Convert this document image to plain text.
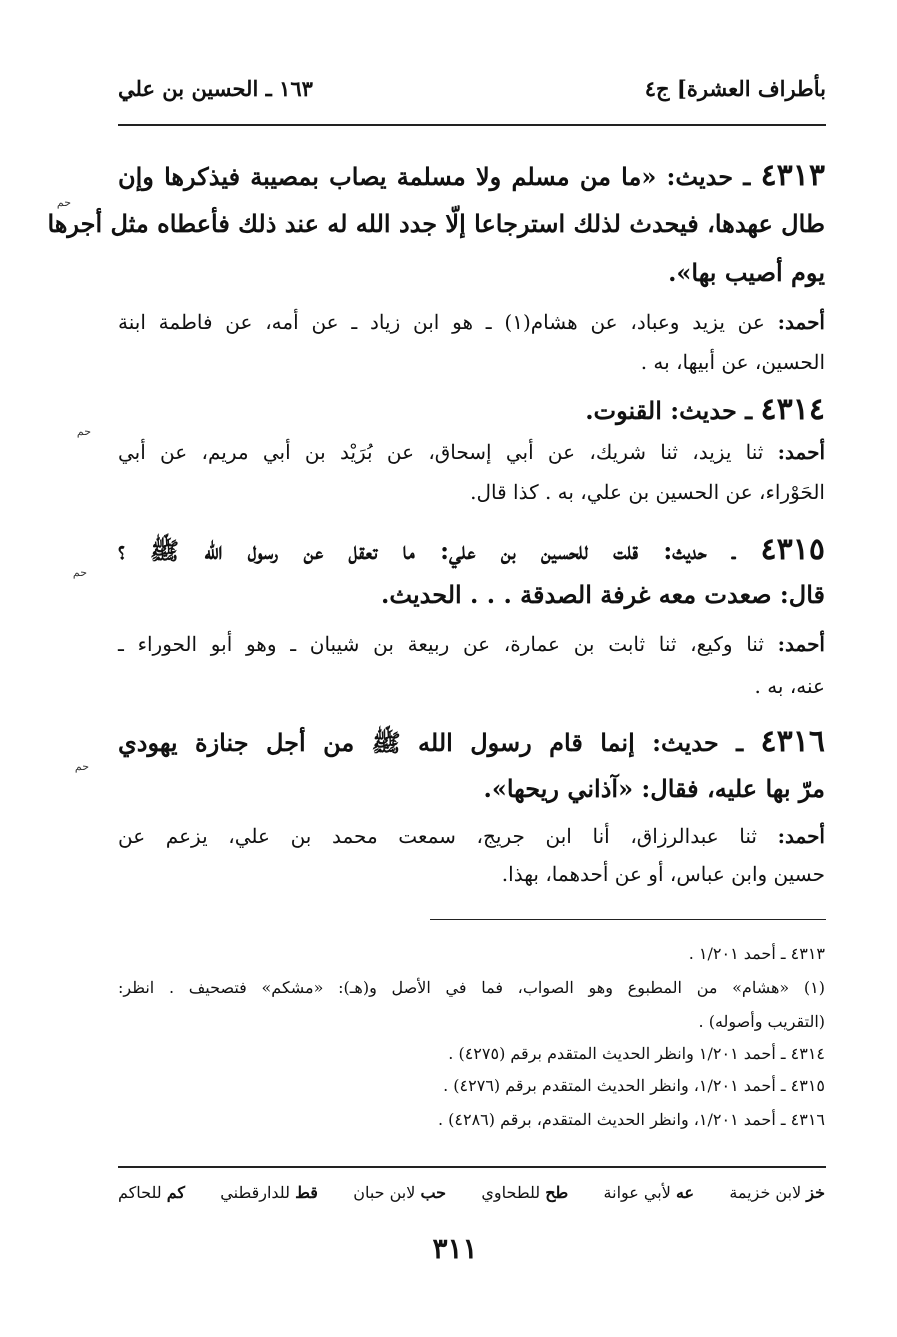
بأطراف العشرة] ج٤
١٦٣ ـ الحسين بن علي
٤٣١٣ ـ حديث: «ما من مسلم ولا مسلمة يصاب بمصيبة فيذكرها وإن
حم
طال عهدها، فيحدث لذلك استرجاعا إلّا جدد الله له عند ذلك فأعطاه مثل أجرها
يوم أصيب بها».
أحمد: عن يزيد وعباد، عن هشام(١) ـ هو ابن زياد ـ عن أمه، عن فاطمة ابنة
الحسين، عن أبيها، به .
٤٣١٤ ـ حديث: القنوت.
حم
أحمد: ثنا يزيد، ثنا شريك، عن أبي إسحاق، عن بُرَيْد بن أبي مريم، عن أبي
الحَوْراء، عن الحسين بن علي، به . كذا قال.
٤٣١٥ ـ حديث: قلت للحسين بن علي: ما تعقل عن رسول الله ﷺ ؟
حم
قال: صعدت معه غرفة الصدقة . . . الحديث.
أحمد: ثنا وكيع، ثنا ثابت بن عمارة، عن ربيعة بن شيبان ـ وهو أبو الحوراء ـ
عنه، به .
٤٣١٦ ـ حديث: إنما قام رسول الله ﷺ من أجل جنازة يهودي
حم
مرّ بها عليه، فقال: «آذاني ريحها».
أحمد: ثنا عبدالرزاق، أنا ابن جريج، سمعت محمد بن علي، يزعم عن
حسين وابن عباس، أو عن أحدهما، بهذا.
٤٣١٣ ـ أحمد ١/٢٠١ .
(١) «هشام» من المطبوع وهو الصواب، فما في الأصل و(هـ): «مشكم» فتصحيف . انظر:
(التقريب وأصوله) .
٤٣١٤ ـ أحمد ١/٢٠١ وانظر الحديث المتقدم برقم (٤٢٧٥) .
٤٣١٥ ـ أحمد ١/٢٠١، وانظر الحديث المتقدم برقم (٤٢٧٦) .
٤٣١٦ ـ أحمد ١/٢٠١، وانظر الحديث المتقدم، برقم (٤٢٨٦) .
خز لابن خزيمة
عه لأبي عوانة
طح للطحاوي
حب لابن حبان
قط للدارقطني
كم للحاكم
٣١١
